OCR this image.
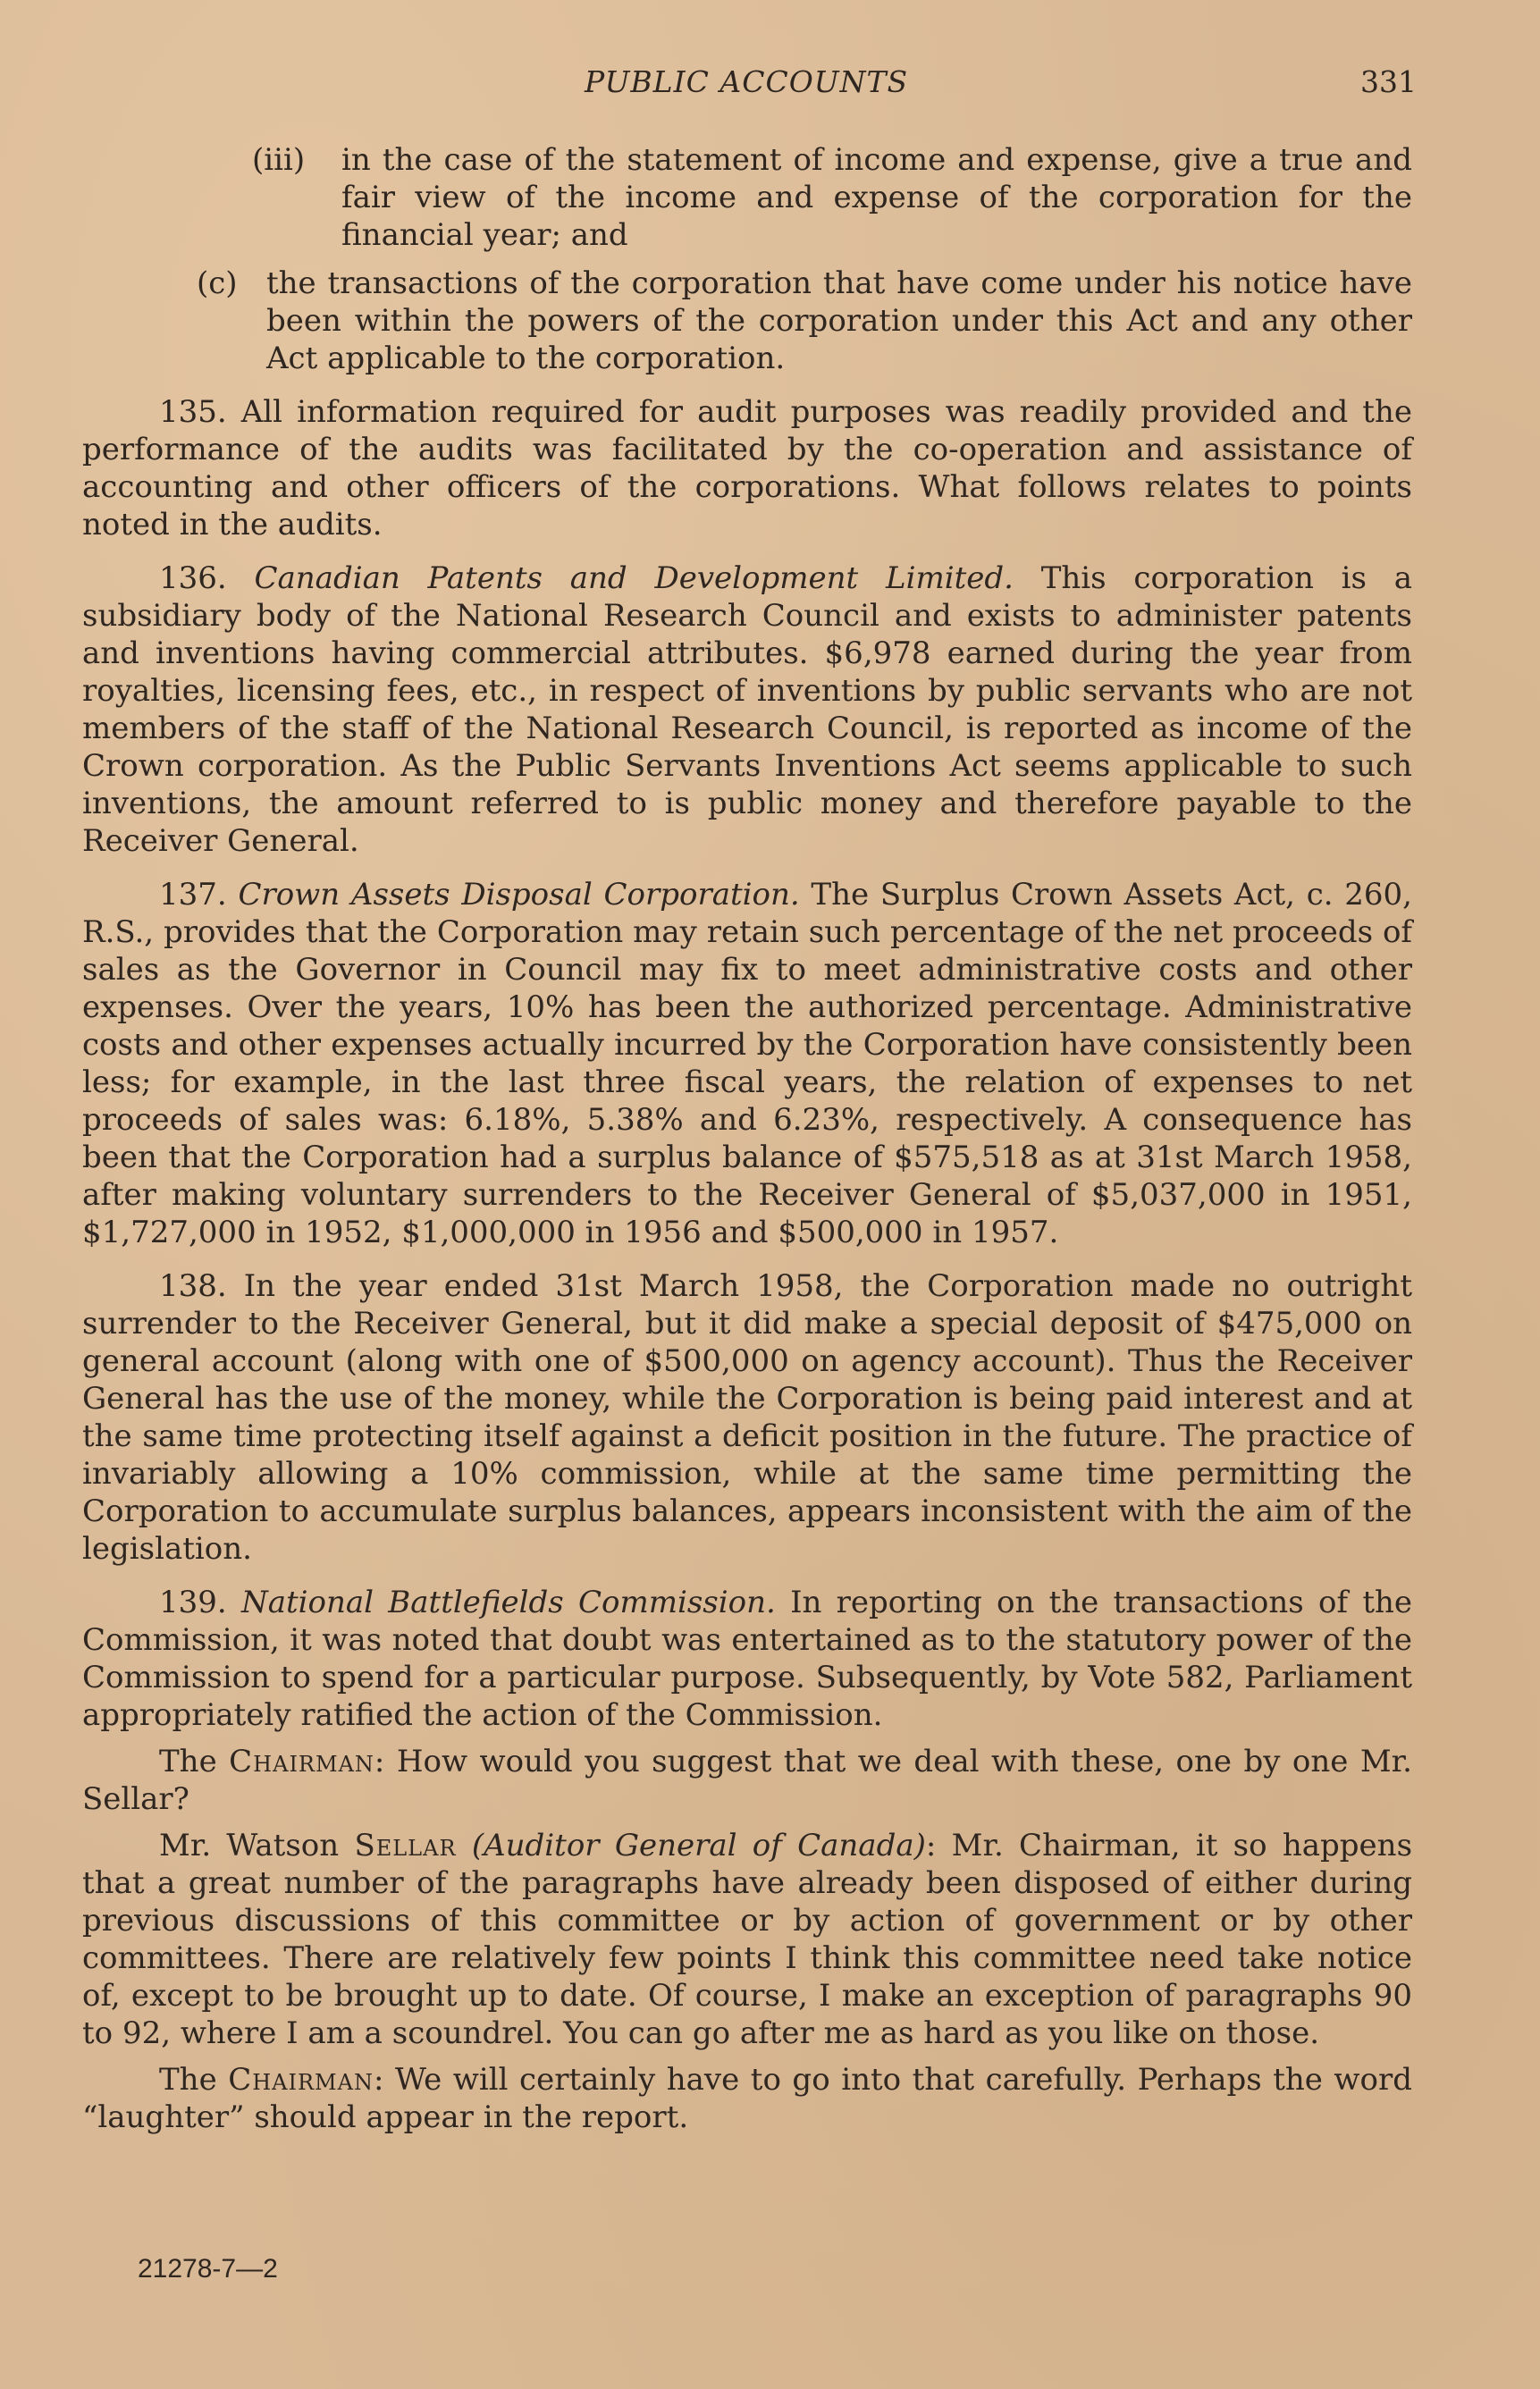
PUBLIC ACCOUNTS	331
(iii) in the case of the statement of income and expense, give a true and fair view of the income and expense of the corporation for the financial year; and
(c) the transactions of the corporation that have come under his notice have been within the powers of the corporation under this Act and any other Act applicable to the corporation.

135. All information required for audit purposes was readily provided and the performance of the audits was facilitated by the co-operation and assistance of accounting and other officers of the corporations. What follows relates to points noted in the audits.

136. Canadian Patents and Development Limited. This corporation is a subsidiary body of the National Research Council and exists to administer patents and inventions having commercial attributes. $6,978 earned during the year from royalties, licensing fees, etc., in respect of inventions by public servants who are not members of the staff of the National Research Council, is reported as income of the Crown corporation. As the Public Servants Inventions Act seems applicable to such inventions, the amount referred to is public money and therefore payable to the Receiver General.

137. Crown Assets Disposal Corporation. The Surplus Crown Assets Act, c. 260, R.S., provides that the Corporation may retain such percentage of the net proceeds of sales as the Governor in Council may fix to meet administrative costs and other expenses. Over the years, 10% has been the authorized percentage. Administrative costs and other expenses actually incurred by the Corporation have consistently been less; for example, in the last three fiscal years, the relation of expenses to net proceeds of sales was: 6.18%, 5.38% and 6.23%, respectively. A consequence has been that the Corporation had a surplus balance of $575,518 as at 31st March 1958, after making voluntary surrenders to the Receiver General of $5,037,000 in 1951, $1,727,000 in 1952, $1,000,000 in 1956 and $500,000 in 1957.

138. In the year ended 31st March 1958, the Corporation made no outright surrender to the Receiver General, but it did make a special deposit of $475,000 on general account (along with one of $500,000 on agency account). Thus the Receiver General has the use of the money, while the Corporation is being paid interest and at the same time protecting itself against a deficit position in the future. The practice of invariably allowing a 10% commission, while at the same time permitting the Corporation to accumulate surplus balances, appears inconsistent with the aim of the legislation.

139. National Battlefields Commission. In reporting on the transactions of the Commission, it was noted that doubt was entertained as to the statutory power of the Commission to spend for a particular purpose. Subsequently, by Vote 582, Parliament appropriately ratified the action of the Commission.

The Chairman: How would you suggest that we deal with these, one by one Mr. Sellar?

Mr. Watson Sellar (Auditor General of Canada): Mr. Chairman, it so happens that a great number of the paragraphs have already been disposed of either during previous discussions of this committee or by action of government or by other committees. There are relatively few points I think this committee need take notice of, except to be brought up to date. Of course, I make an exception of paragraphs 90 to 92, where I am a scoundrel. You can go after me as hard as you like on those.

The Chairman: We will certainly have to go into that carefully. Perhaps the word “laughter” should appear in the report.

21278-7—2
